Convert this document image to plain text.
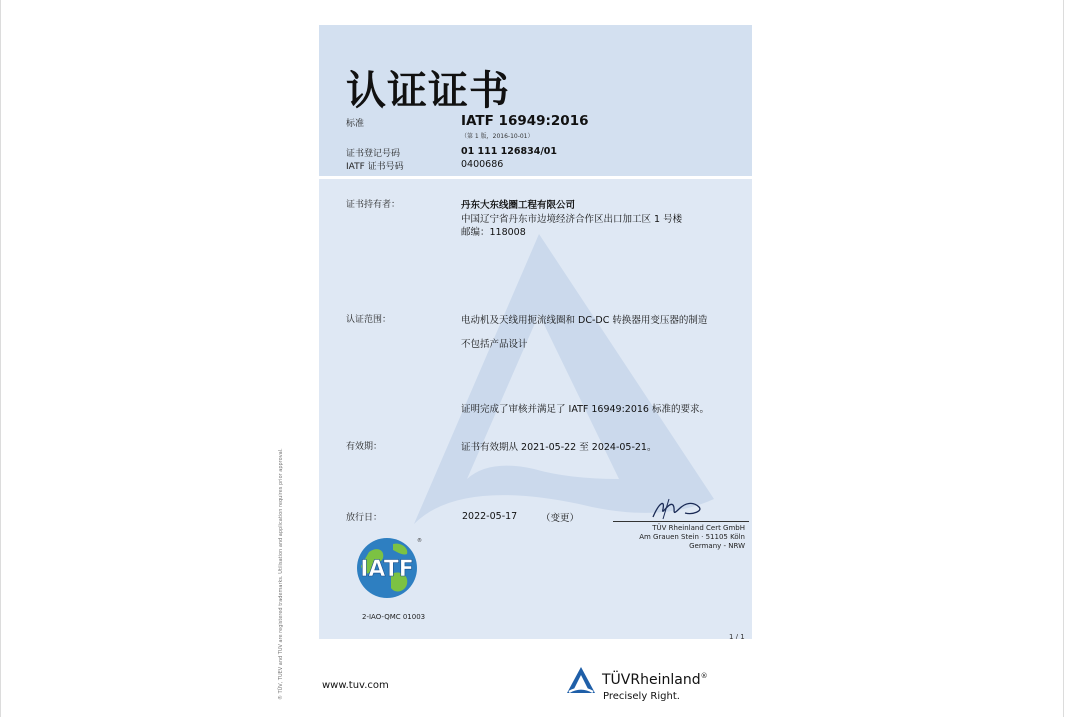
认证证书
标准	IATF 16949:2016
（第 1 版，2016-10-01）
证书登记号码	01 111 126834/01
IATF 证书号码	0400686
证书持有者：	丹东大东线圈工程有限公司
中国辽宁省丹东市边境经济合作区出口加工区 1 号楼
邮编：118008
认证范围：	电动机及天线用扼流线圈和 DC-DC 转换器用变压器的制造
不包括产品设计
证明完成了审核并满足了 IATF 16949:2016 标准的要求。
有效期：	证书有效期从 2021-05-22 至 2024-05-21。
放行日：	2022-05-17	（变更）
TÜV Rheinland Cert GmbH
Am Grauen Stein · 51105 Köln
Germany - NRW
IATF
®
2-IAO-QMC 01003
1 / 1
® TÜV, TUEV and TUV are registered trademarks. Utilisation and application requires prior approval.	www.tuv.com	TÜVRheinland®
Precisely Right.
